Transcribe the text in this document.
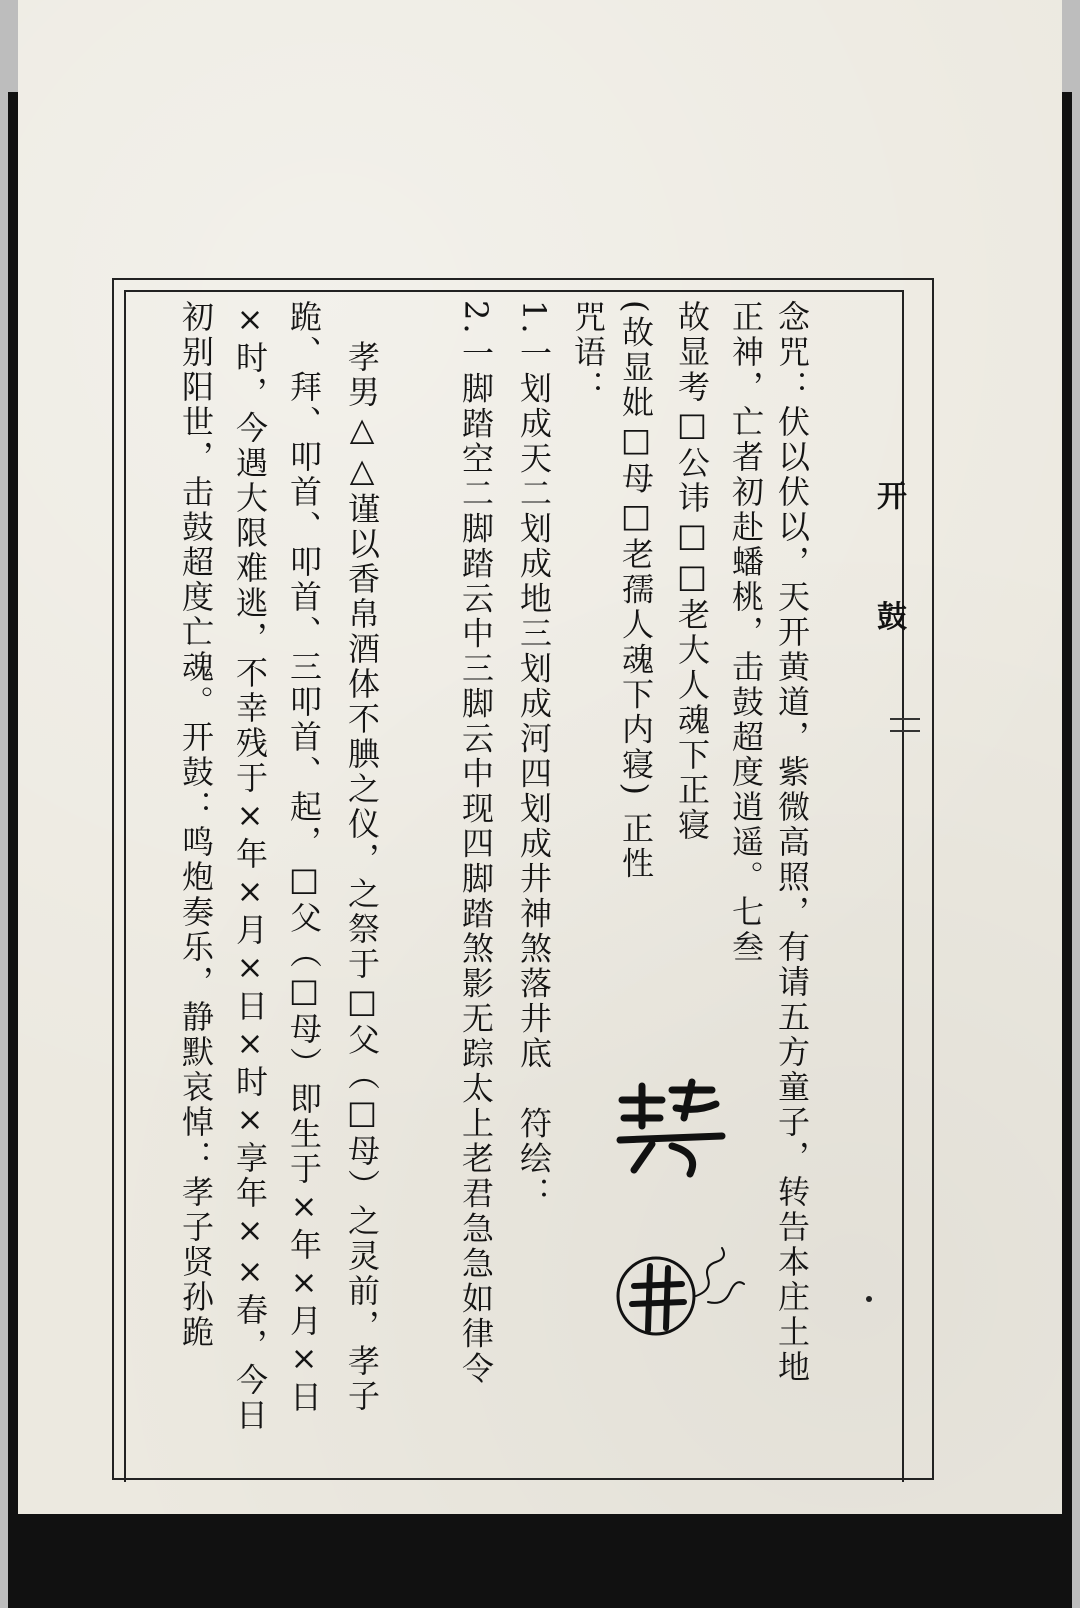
开 鼓
念咒：伏以伏以，天开黄道，紫微高照，有请五方童子，转告本庄土地
正神，亡者初赴蟠桃，击鼓超度逍遥。七叁
故显考□公讳□□老大人魂下正寝
(故显妣□母□老孺人魂下内寝) 正性
咒语：
1.一划成天二划成地三划成河四划成井神煞落井底　符绘：
2.一脚踏空二脚踏云中三脚云中现四脚踏煞影无踪太上老君急急如律令
孝男△△谨以香帛酒体不腆之仪，之祭于□父（□母）之灵前，孝子
跪、拜、叩首、叩首、三叩首、起，□父（□母）即生于×年×月×日
×时，今遇大限难逃，不幸残于×年×月×日×时×享年××春，今日
初别阳世，击鼓超度亡魂。开鼓：鸣炮奏乐，静默哀悼：孝子贤孙跪
